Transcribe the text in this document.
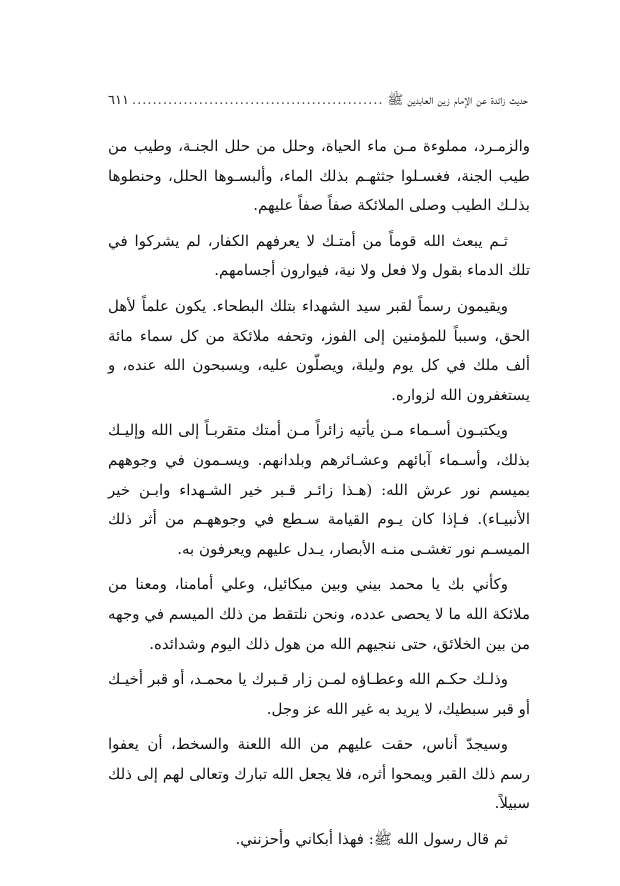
حديث زائدة عن الإمام زين العابدين ﷺ
.....
٦١١

والزمـرد، مملوءة مـن ماء الحياة، وحلل من حلل الجنـة، وطيب من طيب الجنة، فغسـلوا جثثهـم بذلك الماء، وألبسـوها الحلل، وحنطوها بذلـك الطيب وصلى الملائكة صفاً صفاً عليهم.

ثـم يبعث الله قوماً من أمتـك لا يعرفهم الكفار، لم يشركوا في تلك الدماء بقول ولا فعل ولا نية، فيوارون أجسامهم.

ويقيمون رسماً لقبر سيد الشهداء بتلك البطحاء. يكون علماً لأهل الحق، وسبباً للمؤمنين إلى الفوز، وتحفه ملائكة من كل سماء مائة ألف ملك في كل يوم وليلة، ويصلّون عليه، ويسبحون الله عنده، و يستغفرون الله لزواره.

ويكتبـون أسـماء مـن يأتيه زائراً مـن أمتك متقربـاً إلى الله وإليـك بذلك، وأسـماء آبائهم وعشـائرهم وبلدانهم. ويسـمون في وجوههم بميسم نور عرش الله: (هـذا زائـر قـبر خير الشـهداء وابـن خير الأنبيـاء). فـإذا كان يـوم القيامة سـطع في وجوههـم من أثر ذلك الميسـم نور تغشـى منـه الأبصار، يـدل عليهم ويعرفون به.

وكأني بك يا محمد بيني وبين ميكائيل، وعلي أمامنا، ومعنا من ملائكة الله ما لا يحصى عدده، ونحن نلتقط من ذلك الميسم في وجهه من بين الخلائق، حتى ننجيهم الله من هول ذلك اليوم وشدائده.

وذلـك حكـم الله وعطـاؤه لمـن زار قـبرك يا محمـد، أو قبر أخيـك أو قبر سبطيك، لا يريد به غير الله عز وجل.

وسيجدّ أناس، حقت عليهم من الله اللعنة والسخط، أن يعفوا رسم ذلك القبر ويمحوا أثره، فلا يجعل الله تبارك وتعالى لهم إلى ذلك سبيلاً.

ثم قال رسول الله ﷺ: فهذا أبكاني وأحزنني.
